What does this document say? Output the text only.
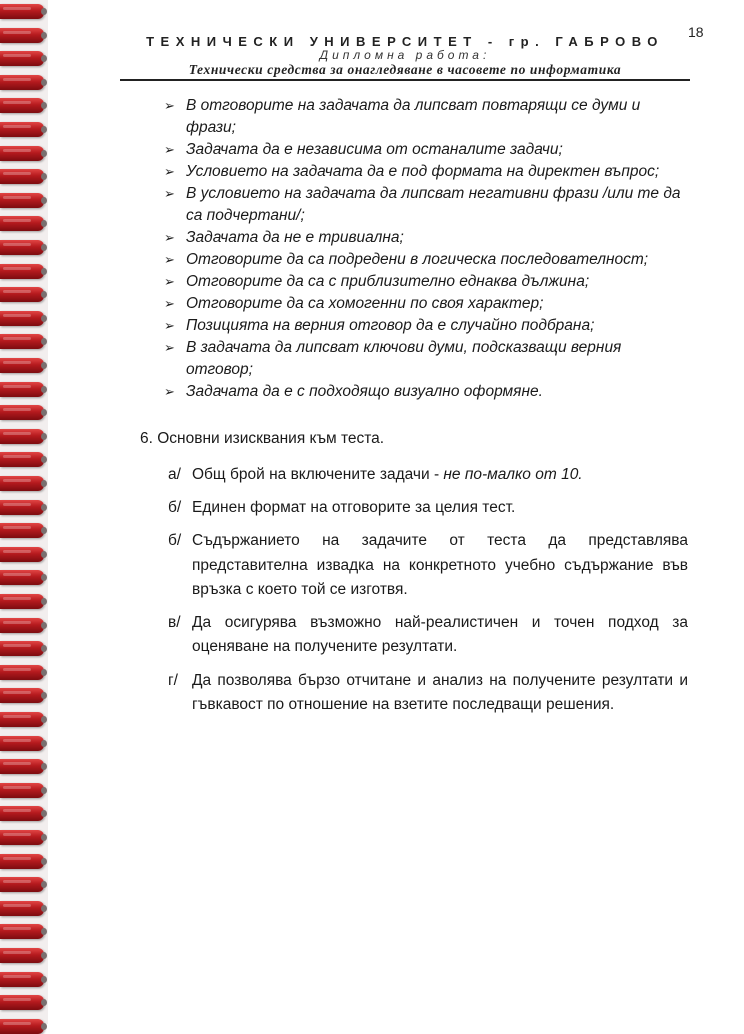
18
ТЕХНИЧЕСКИ УНИВЕРСИТЕТ - гр. ГАБРОВО
Дипломна работа:
Технически средства за онагледяване в часовете по информатика
➢ В отговорите на задачата да липсват повтарящи се думи и фрази;
➢ Задачата да е независима от останалите задачи;
➢ Условието на задачата да е под формата на директен въпрос;
➢ В условието на задачата да липсват негативни фрази /или те да са подчертани/;
➢ Задачата да не е тривиална;
➢ Отговорите да са подредени в логическа последователност;
➢ Отговорите да са с приблизително еднаква дължина;
➢ Отговорите да са хомогенни по своя характер;
➢ Позицията на верния отговор да е случайно подбрана;
➢ В задачата да липсват ключови думи, подсказващи верния отговор;
➢ Задачата да е с подходящо визуално оформяне.
6. Основни изисквания към теста.
а/ Общ брой на включените задачи - не по-малко от 10.
б/ Единен формат на отговорите за целия тест.
б/ Съдържанието на задачите от теста да представлява представителна извадка на конкретното учебно съдържание във връзка с което той се изготвя.
в/ Да осигурява възможно най-реалистичен и точен подход за оценяване на получените резултати.
г/ Да позволява бързо отчитане и анализ на получените резултати и гъвкавост по отношение на взетите последващи решения.
